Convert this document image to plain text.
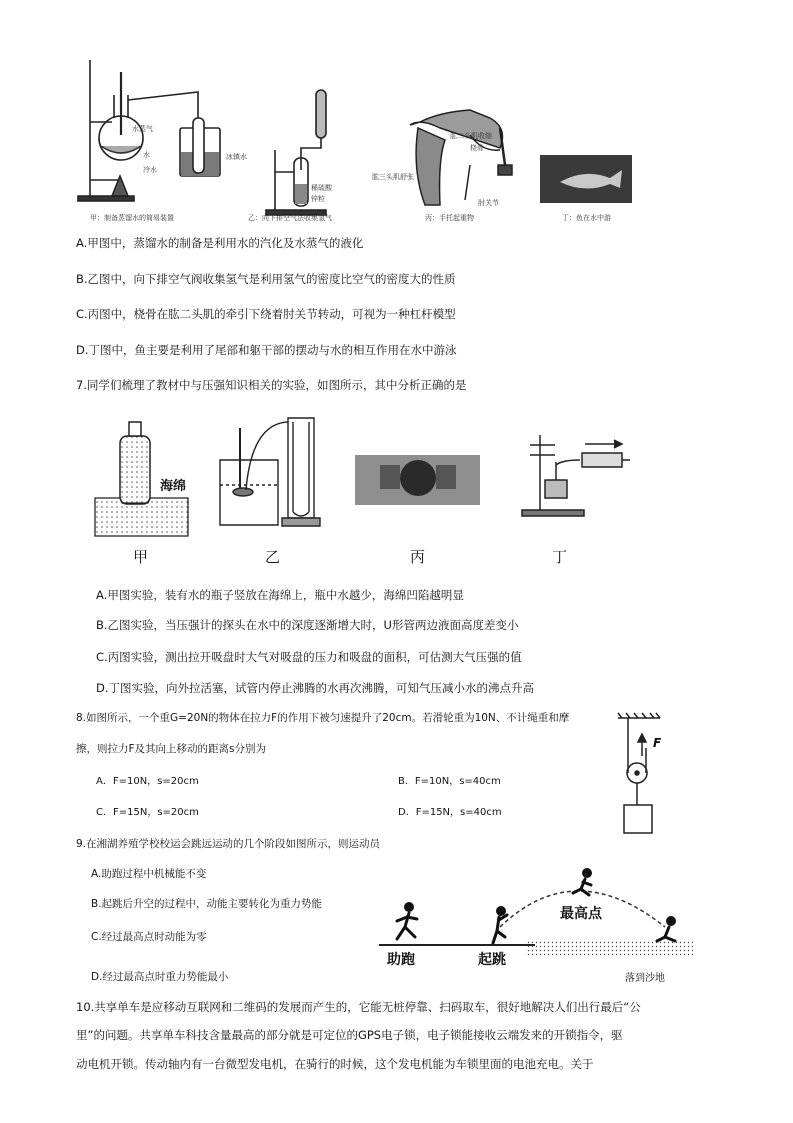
水蒸气
水
冷水
冰镇水
稀硫酸
锌粒
肱二头肌收缩
桡骨
肱三头肌舒张
肘关节
甲：制备蒸馏水的简易装置	乙：向下排空气法收集氢气	丙：手托起重物	丁：鱼在水中游
A.甲图中，蒸馏水的制备是利用水的汽化及水蒸气的液化
B.乙图中，向下排空气阀收集氢气是利用氢气的密度比空气的密度大的性质
C.丙图中，桡骨在肱二头肌的牵引下绕着肘关节转动，可视为一种杠杆模型
D.丁图中，鱼主要是利用了尾部和躯干部的摆动与水的相互作用在水中游泳
7.同学们梳理了教材中与压强知识相关的实验，如图所示，其中分析正确的是
海绵
甲	乙	丙	丁
A.甲图实验，装有水的瓶子竖放在海绵上，瓶中水越少，海绵凹陷越明显
B.乙图实验，当压强计的探头在水中的深度逐渐增大时，U形管两边液面高度差变小
C.丙图实验，测出拉开吸盘时大气对吸盘的压力和吸盘的面积，可估测大气压强的值
D.丁图实验，向外拉活塞，试管内停止沸腾的水再次沸腾，可知气压减小水的沸点升高
8.如图所示，一个重G=20N的物体在拉力F的作用下被匀速提升了20cm。若滑轮重为10N、不计绳重和摩
擦，则拉力F及其向上移动的距离s分别为
A．F=10N，s=20cm	B．F=10N，s=40cm
C．F=15N，s=20cm	D．F=15N，s=40cm
F
9.在湘湖养殖学校校运会跳远运动的几个阶段如图所示，则运动员
A.助跑过程中机械能不变
B.起跳后升空的过程中，动能主要转化为重力势能
C.经过最高点时动能为零
D.经过最高点时重力势能最小
最高点
助跑	起跳
落到沙地
10.共享单车是应移动互联网和二维码的发展而产生的，它能无桩停靠、扫码取车，很好地解决人们出行最后“公
里”的问题。共享单车科技含量最高的部分就是可定位的GPS电子锁，电子锁能接收云端发来的开锁指令，驱
动电机开锁。传动轴内有一台微型发电机，在骑行的时候，这个发电机能为车锁里面的电池充电。关于
